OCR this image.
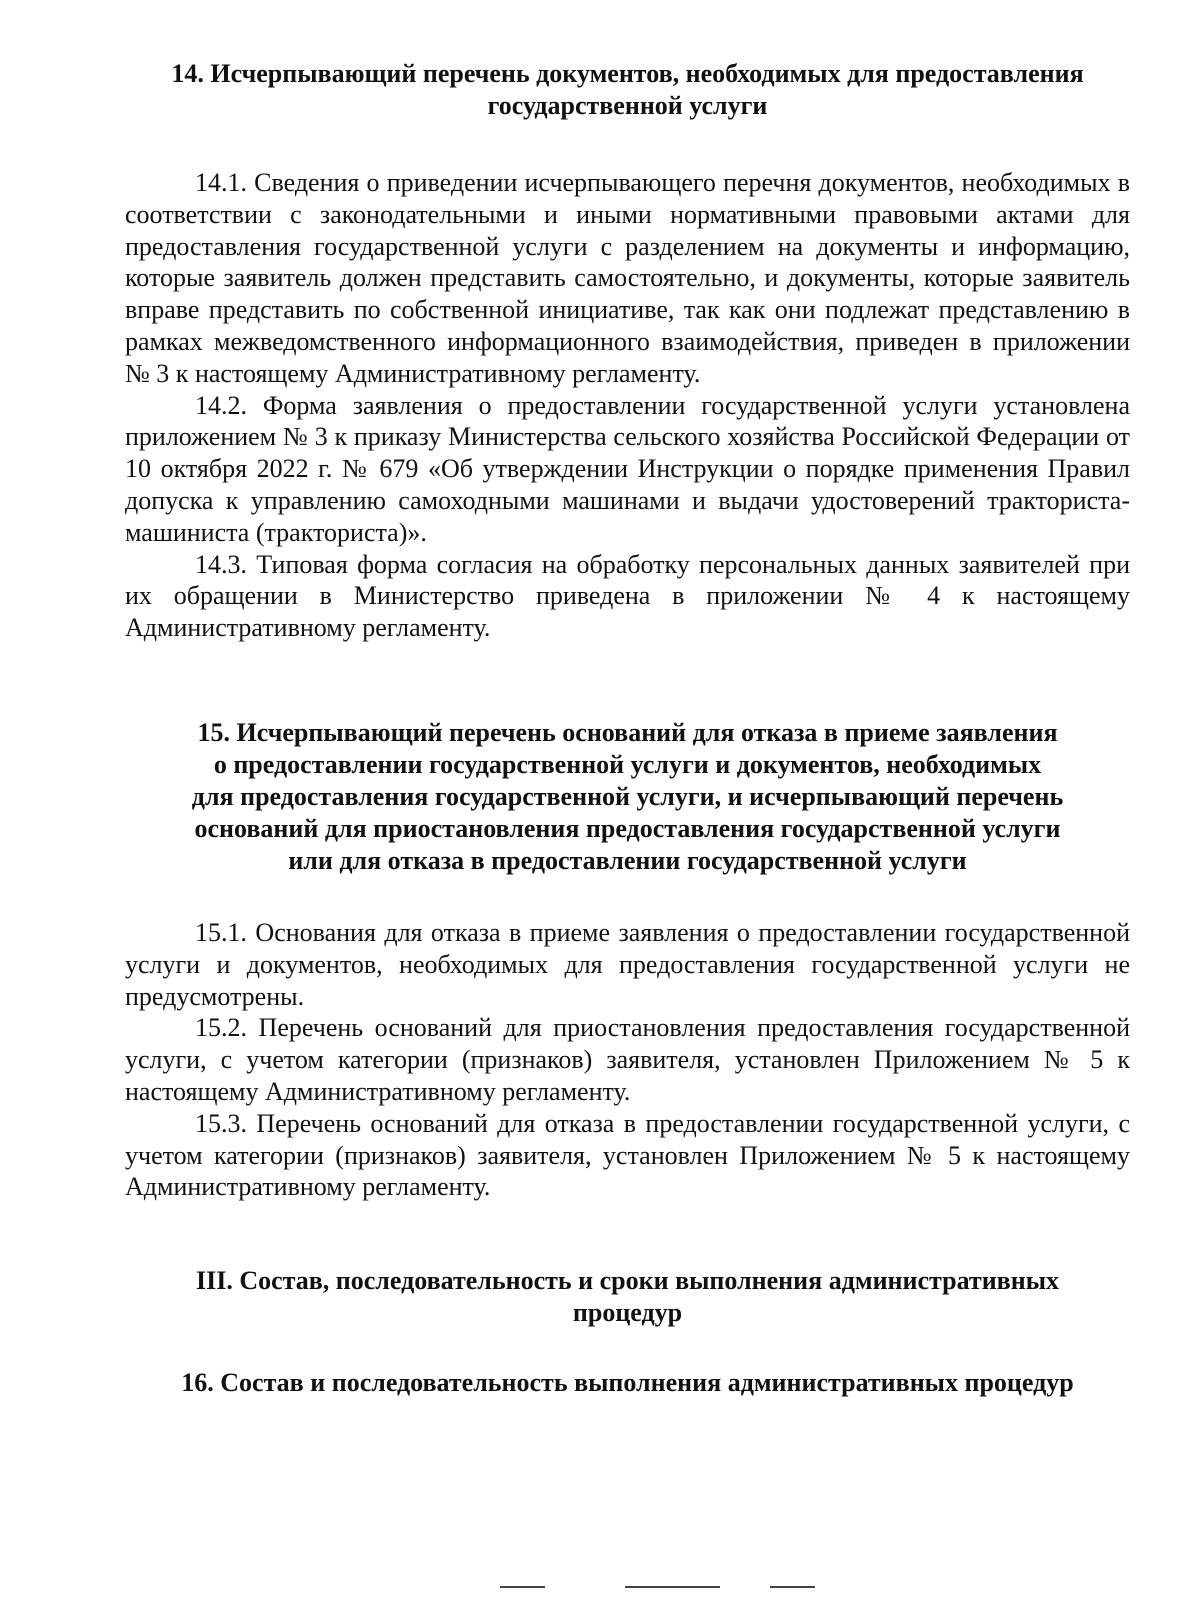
14. Исчерпывающий перечень документов, необходимых для предоставления
государственной услуги

14.1. Сведения о приведении исчерпывающего перечня документов, необходимых в соответствии с законодательными и иными нормативными правовыми актами для предоставления государственной услуги с разделением на документы и информацию, которые заявитель должен представить самостоятельно, и документы, которые заявитель вправе представить по собственной инициативе, так как они подлежат представлению в рамках межведомственного информационного взаимодействия, приведен в приложении № 3 к настоящему Административному регламенту.

14.2. Форма заявления о предоставлении государственной услуги установлена приложением № 3 к приказу Министерства сельского хозяйства Российской Федерации от 10 октября 2022 г. № 679 «Об утверждении Инструкции о порядке применения Правил допуска к управлению самоходными машинами и выдачи удостоверений тракториста-машиниста (тракториста)».

14.3. Типовая форма согласия на обработку персональных данных заявителей при их обращении в Министерство приведена в приложении № 4 к настоящему Административному регламенту.

15. Исчерпывающий перечень оснований для отказа в приеме заявления
о предоставлении государственной услуги и документов, необходимых
для предоставления государственной услуги, и исчерпывающий перечень
оснований для приостановления предоставления государственной услуги
или для отказа в предоставлении государственной услуги

15.1. Основания для отказа в приеме заявления о предоставлении государственной услуги и документов, необходимых для предоставления государственной услуги не предусмотрены.

15.2. Перечень оснований для приостановления предоставления государственной услуги, с учетом категории (признаков) заявителя, установлен Приложением № 5 к настоящему Административному регламенту.

15.3. Перечень оснований для отказа в предоставлении государственной услуги, с учетом категории (признаков) заявителя, установлен Приложением № 5 к настоящему Административному регламенту.

III. Состав, последовательность и сроки выполнения административных
процедур
16. Состав и последовательность выполнения административных процедур
